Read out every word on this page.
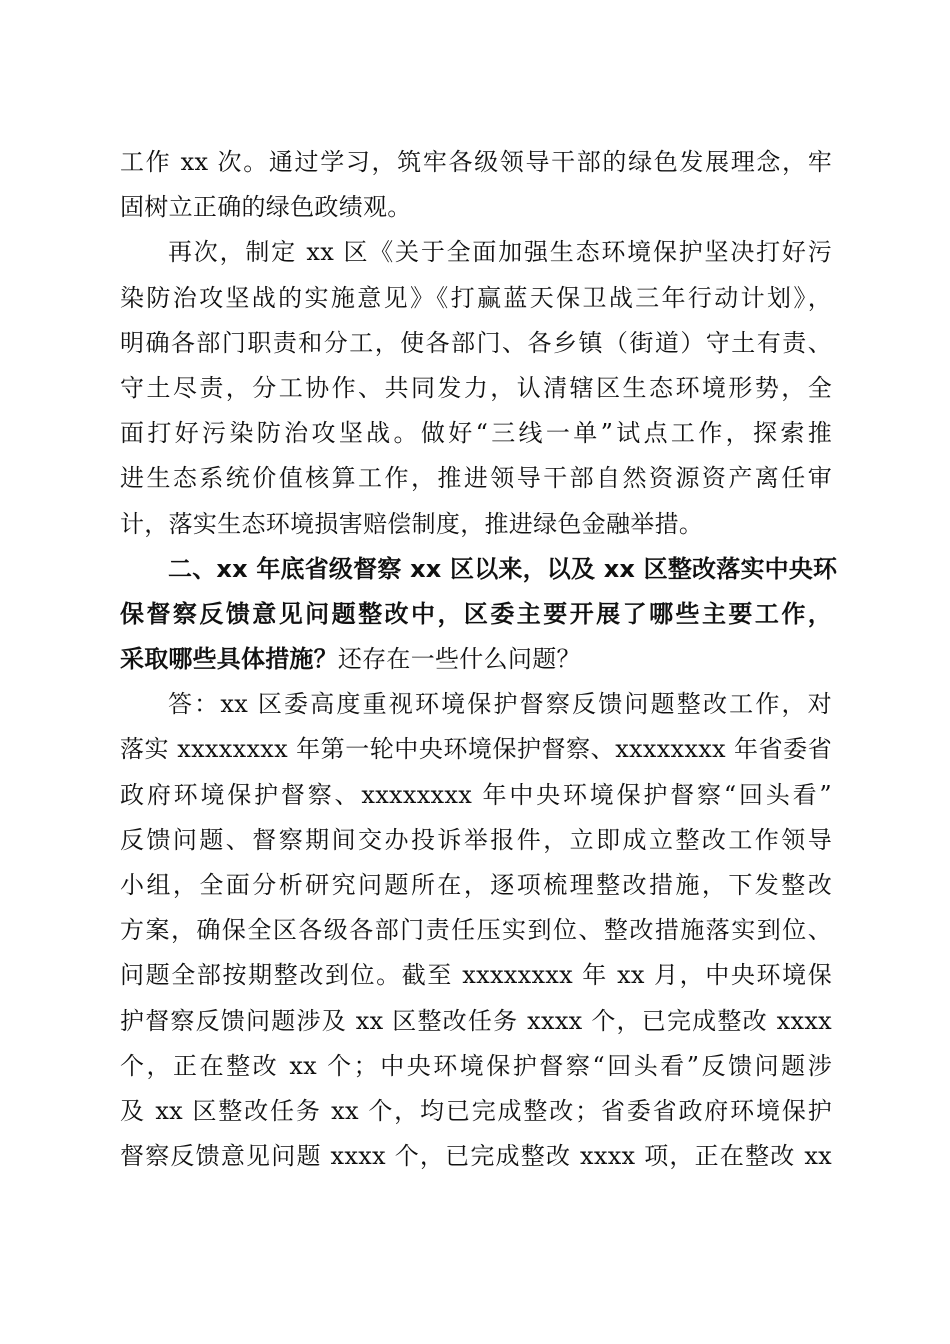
工作 xx 次。通过学习，筑牢各级领导干部的绿色发展理念，牢
固树立正确的绿色政绩观。
再次，制定 xx 区《关于全面加强生态环境保护坚决打好污
染防治攻坚战的实施意见》《打赢蓝天保卫战三年行动计划》，
明确各部门职责和分工，使各部门、各乡镇（街道）守土有责、
守土尽责，分工协作、共同发力，认清辖区生态环境形势，全
面打好污染防治攻坚战。做好“三线一单”试点工作，探索推
进生态系统价值核算工作，推进领导干部自然资源资产离任审
计，落实生态环境损害赔偿制度，推进绿色金融举措。
二、xx 年底省级督察 xx 区以来，以及 xx 区整改落实中央环
保督察反馈意见问题整改中，区委主要开展了哪些主要工作，
采取哪些具体措施？还存在一些什么问题？
答：xx 区委高度重视环境保护督察反馈问题整改工作，对
落实 xxxxxxxx 年第一轮中央环境保护督察、xxxxxxxx 年省委省
政府环境保护督察、xxxxxxxx 年中央环境保护督察“回头看”
反馈问题、督察期间交办投诉举报件，立即成立整改工作领导
小组，全面分析研究问题所在，逐项梳理整改措施，下发整改
方案，确保全区各级各部门责任压实到位、整改措施落实到位、
问题全部按期整改到位。截至 xxxxxxxx 年 xx 月，中央环境保
护督察反馈问题涉及 xx 区整改任务 xxxx 个，已完成整改 xxxx
个，正在整改 xx 个；中央环境保护督察“回头看”反馈问题涉
及 xx 区整改任务 xx 个，均已完成整改；省委省政府环境保护
督察反馈意见问题 xxxx 个，已完成整改 xxxx 项，正在整改 xx
